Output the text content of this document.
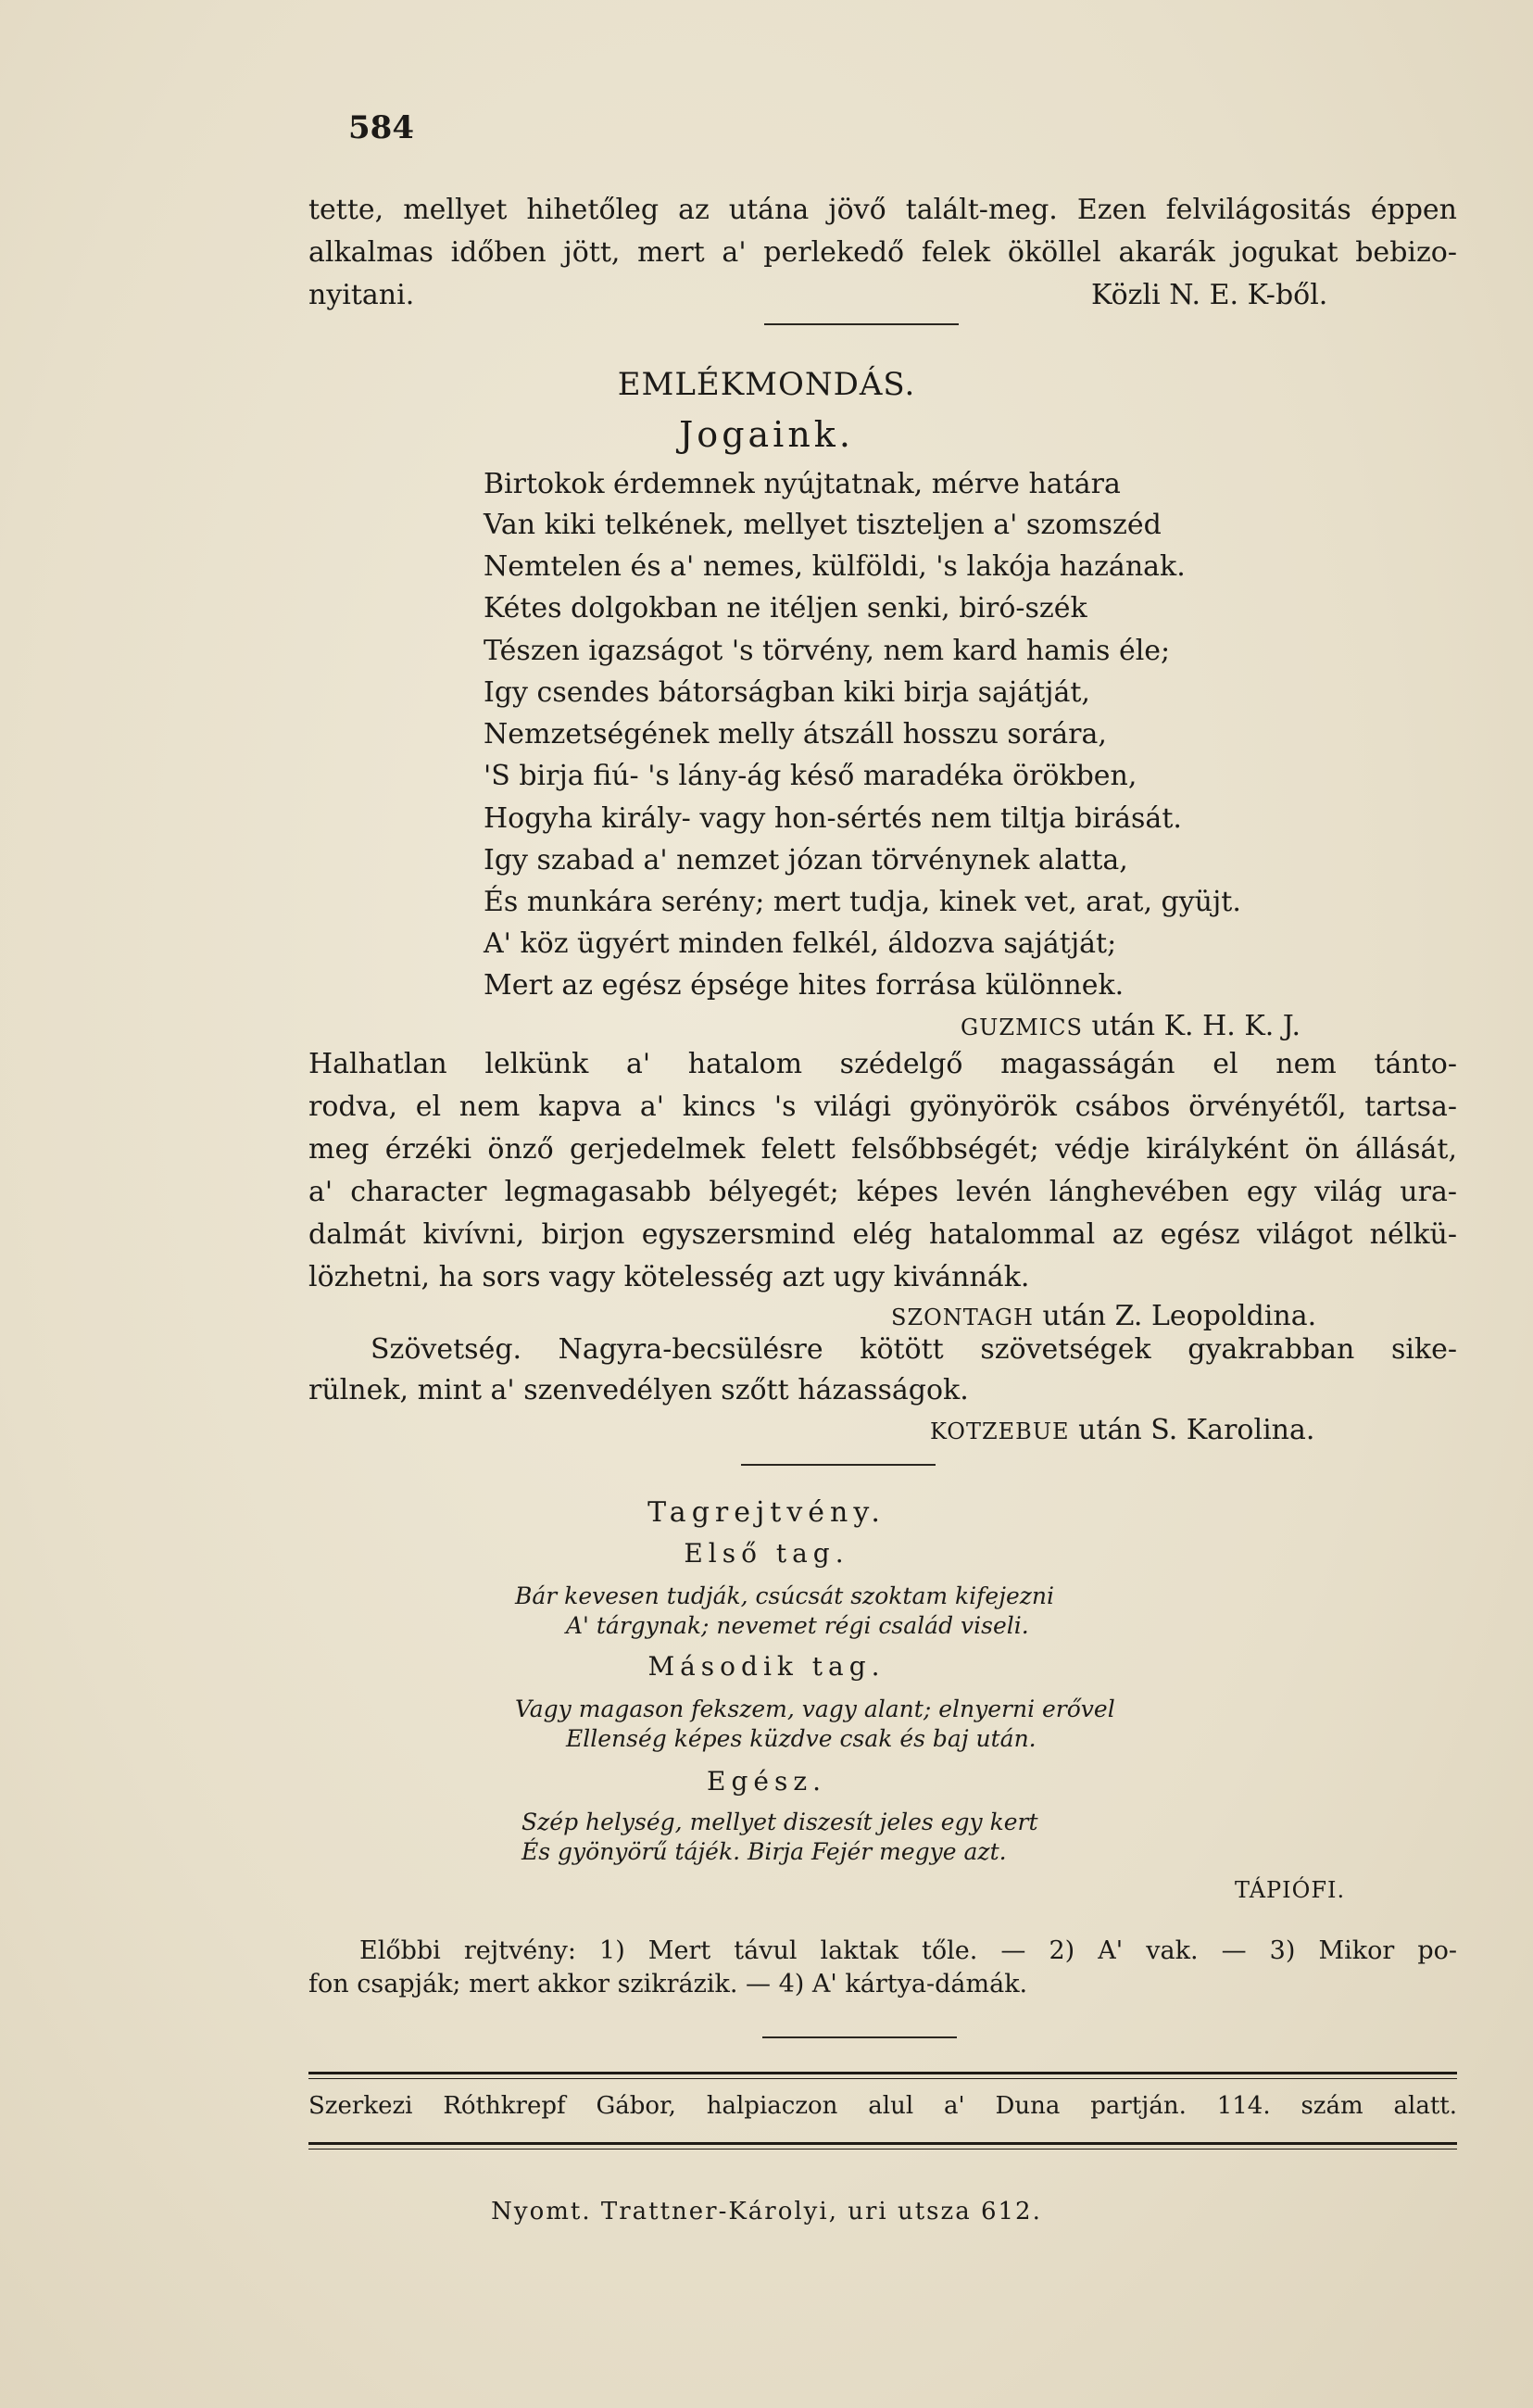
584
tette, mellyet hihetőleg az utána jövő talált-meg. Ezen felvilágositás éppen
alkalmas időben jött, mert a' perlekedő felek ököllel akarák jogukat bebizo-
nyitani.	Közli N. E. K-ből.
EMLÉKMONDÁS.
Jogaink.
Birtokok érdemnek nyújtatnak, mérve határa
Van kiki telkének, mellyet tiszteljen a' szomszéd
Nemtelen és a' nemes, külföldi, 's lakója hazának.
Kétes dolgokban ne itéljen senki, biró-szék
Tészen igazságot 's törvény, nem kard hamis éle;
Igy csendes bátorságban kiki birja sajátját,
Nemzetségének melly átszáll hosszu sorára,
'S birja fiú- 's lány-ág késő maradéka örökben,
Hogyha király- vagy hon-sértés nem tiltja birását.
Igy szabad a' nemzet józan törvénynek alatta,
És munkára serény; mert tudja, kinek vet, arat, gyüjt.
A' köz ügyért minden felkél, áldozva sajátját;
Mert az egész épsége hites forrása különnek.
GUZMICS után K. H. K. J.
Halhatlan lelkünk a' hatalom szédelgő magasságán el nem tánto-
rodva, el nem kapva a' kincs 's világi gyönyörök csábos örvényétől, tartsa-
meg érzéki önző gerjedelmek felett felsőbbségét; védje királyként ön állását,
a' character legmagasabb bélyegét; képes levén lánghevében egy világ ura-
dalmát kivívni, birjon egyszersmind elég hatalommal az egész világot nélkü-
lözhetni, ha sors vagy kötelesség azt ugy kivánnák.
SZONTAGH után Z. Leopoldina.
Szövetség. Nagyra-becsülésre kötött szövetségek gyakrabban sike-
rülnek, mint a' szenvedélyen szőtt házasságok.
KOTZEBUE után S. Karolina.
Tagrejtvény.
Első tag.
Bár kevesen tudják, csúcsát szoktam kifejezni
A' tárgynak; nevemet régi család viseli.
Második tag.
Vagy magason fekszem, vagy alant; elnyerni erővel
Ellenség képes küzdve csak és baj után.
Egész.
Szép helység, mellyet diszesít jeles egy kert
És gyönyörű tájék. Birja Fejér megye azt.
TÁPIÓFI.
Előbbi rejtvény: 1) Mert távul laktak tőle. — 2) A' vak. — 3) Mikor po-
fon csapják; mert akkor szikrázik. — 4) A' kártya-dámák.
Szerkezi Róthkrepf Gábor, halpiaczon alul a' Duna partján. 114. szám alatt.
Nyomt. Trattner-Károlyi, uri utsza 612.
